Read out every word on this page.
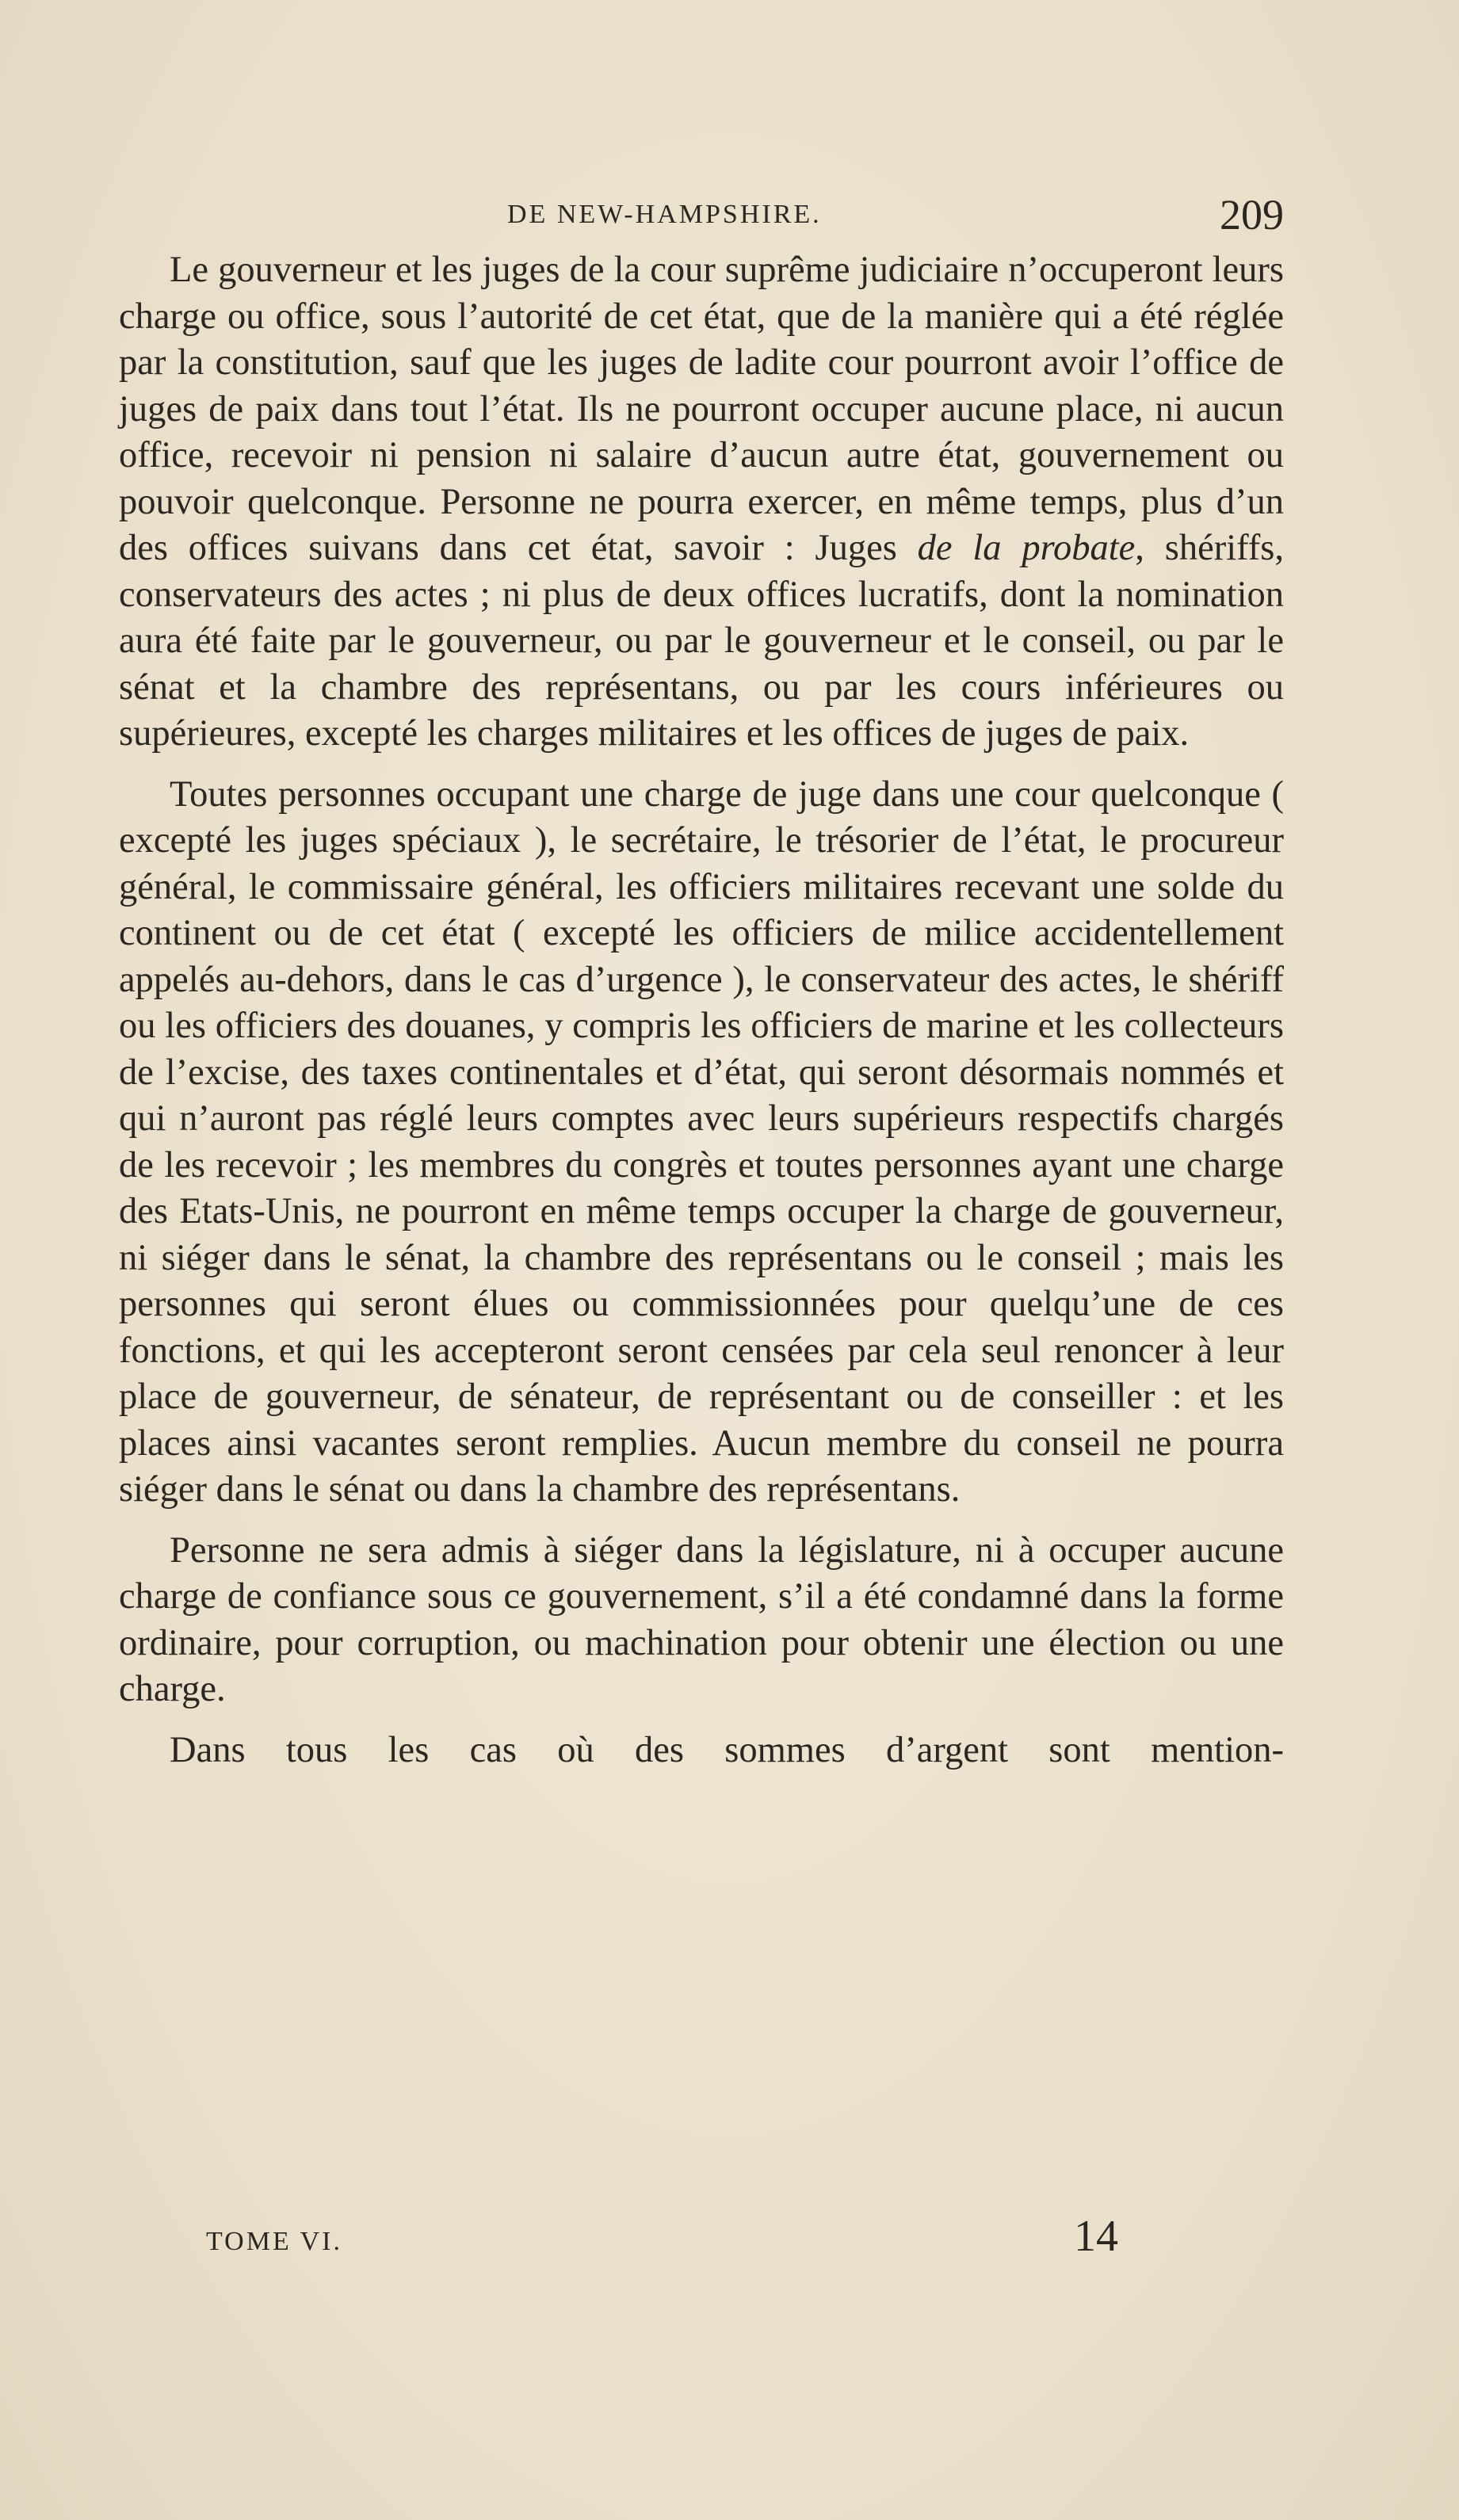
DE NEW-HAMPSHIRE.	209

Le gouverneur et les juges de la cour suprême judiciaire n’occuperont leurs charge ou office, sous l’autorité de cet état, que de la manière qui a été réglée par la constitution, sauf que les juges de ladite cour pourront avoir l’office de juges de paix dans tout l’état. Ils ne pourront occuper aucune place, ni aucun office, recevoir ni pension ni salaire d’aucun autre état, gouvernement ou pouvoir quelconque. Personne ne pourra exercer, en même temps, plus d’un des offices suivans dans cet état, savoir : Juges de la probate, shériffs, conservateurs des actes ; ni plus de deux offices lucratifs, dont la nomination aura été faite par le gouverneur, ou par le gouverneur et le conseil, ou par le sénat et la chambre des représentans, ou par les cours inférieures ou supérieures, excepté les charges militaires et les offices de juges de paix.

Toutes personnes occupant une charge de juge dans une cour quelconque ( excepté les juges spéciaux ), le secrétaire, le trésorier de l’état, le procureur général, le commissaire général, les officiers militaires recevant une solde du continent ou de cet état ( excepté les officiers de milice accidentellement appelés au-dehors, dans le cas d’urgence ), le conservateur des actes, le shériff ou les officiers des douanes, y compris les officiers de marine et les collecteurs de l’excise, des taxes continentales et d’état, qui seront désormais nommés et qui n’auront pas réglé leurs comptes avec leurs supérieurs respectifs chargés de les recevoir ; les membres du congrès et toutes personnes ayant une charge des Etats-Unis, ne pourront en même temps occuper la charge de gouverneur, ni siéger dans le sénat, la chambre des représentans ou le conseil ; mais les personnes qui seront élues ou commissionnées pour quelqu’une de ces fonctions, et qui les accepteront seront censées par cela seul renoncer à leur place de gouverneur, de sénateur, de représentant ou de conseiller : et les places ainsi vacantes seront remplies. Aucun membre du conseil ne pourra siéger dans le sénat ou dans la chambre des représentans.

Personne ne sera admis à siéger dans la législature, ni à occuper aucune charge de confiance sous ce gouvernement, s’il a été condamné dans la forme ordinaire, pour corruption, ou machination pour obtenir une élection ou une charge.

Dans tous les cas où des sommes d’argent sont mention-

TOME VI.	14
